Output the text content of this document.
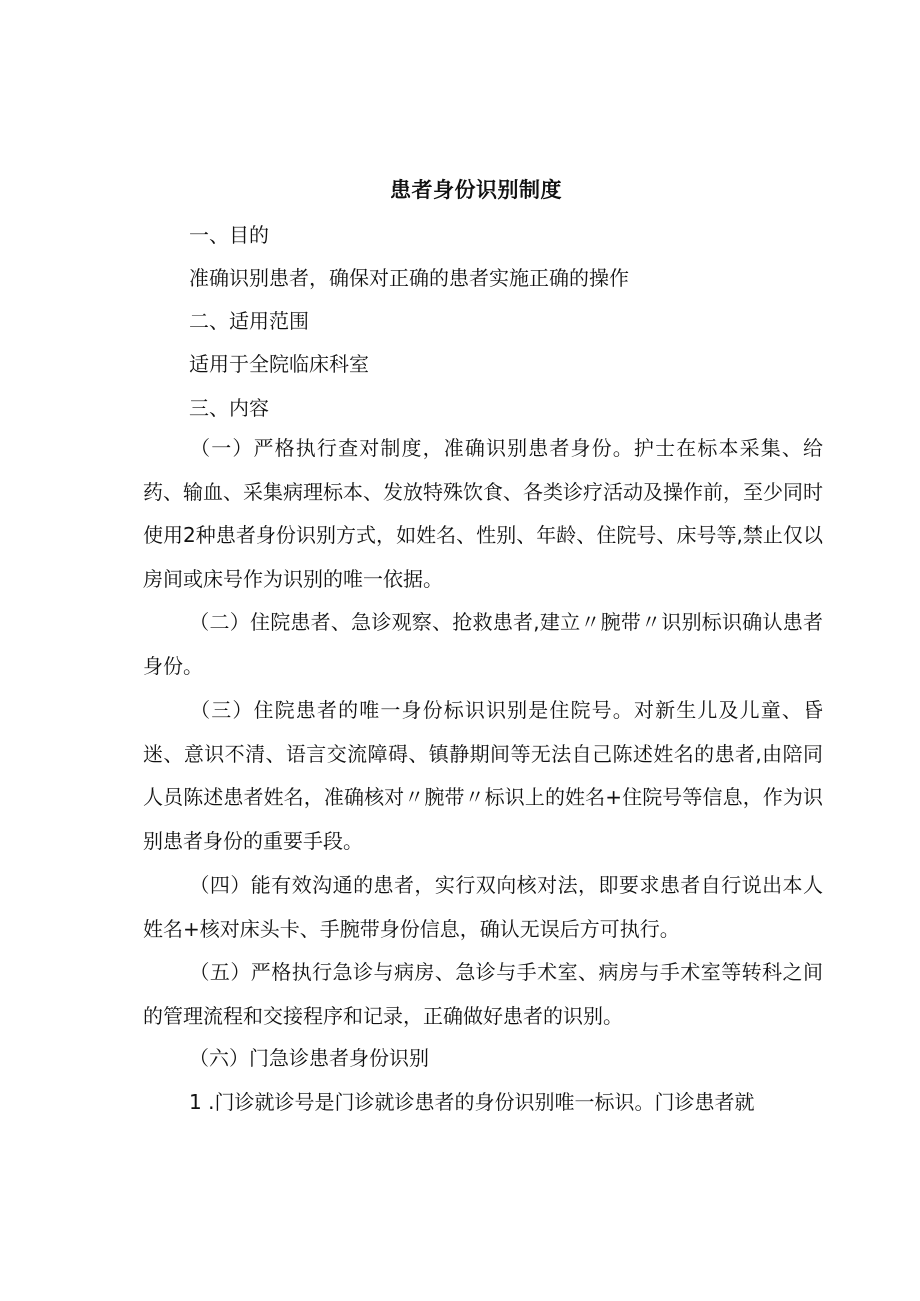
患者身份识别制度
一、目的
准确识别患者，确保对正确的患者实施正确的操作
二、适用范围
适用于全院临床科室
三、内容
（一）严格执行查对制度，准确识别患者身份。护士在标本采集、给药、输血、采集病理标本、发放特殊饮食、各类诊疗活动及操作前，至少同时使用2种患者身份识别方式，如姓名、性别、年龄、住院号、床号等,禁止仅以房间或床号作为识别的唯一依据。
（二）住院患者、急诊观察、抢救患者,建立〃腕带〃识别标识确认患者身份。
（三）住院患者的唯一身份标识识别是住院号。对新生儿及儿童、昏迷、意识不清、语言交流障碍、镇静期间等无法自己陈述姓名的患者,由陪同人员陈述患者姓名，准确核对〃腕带〃标识上的姓名+住院号等信息，作为识别患者身份的重要手段。
（四）能有效沟通的患者，实行双向核对法，即要求患者自行说出本人姓名+核对床头卡、手腕带身份信息，确认无误后方可执行。
（五）严格执行急诊与病房、急诊与手术室、病房与手术室等转科之间的管理流程和交接程序和记录，正确做好患者的识别。
（六）门急诊患者身份识别
1 .门诊就诊号是门诊就诊患者的身份识别唯一标识。门诊患者就
